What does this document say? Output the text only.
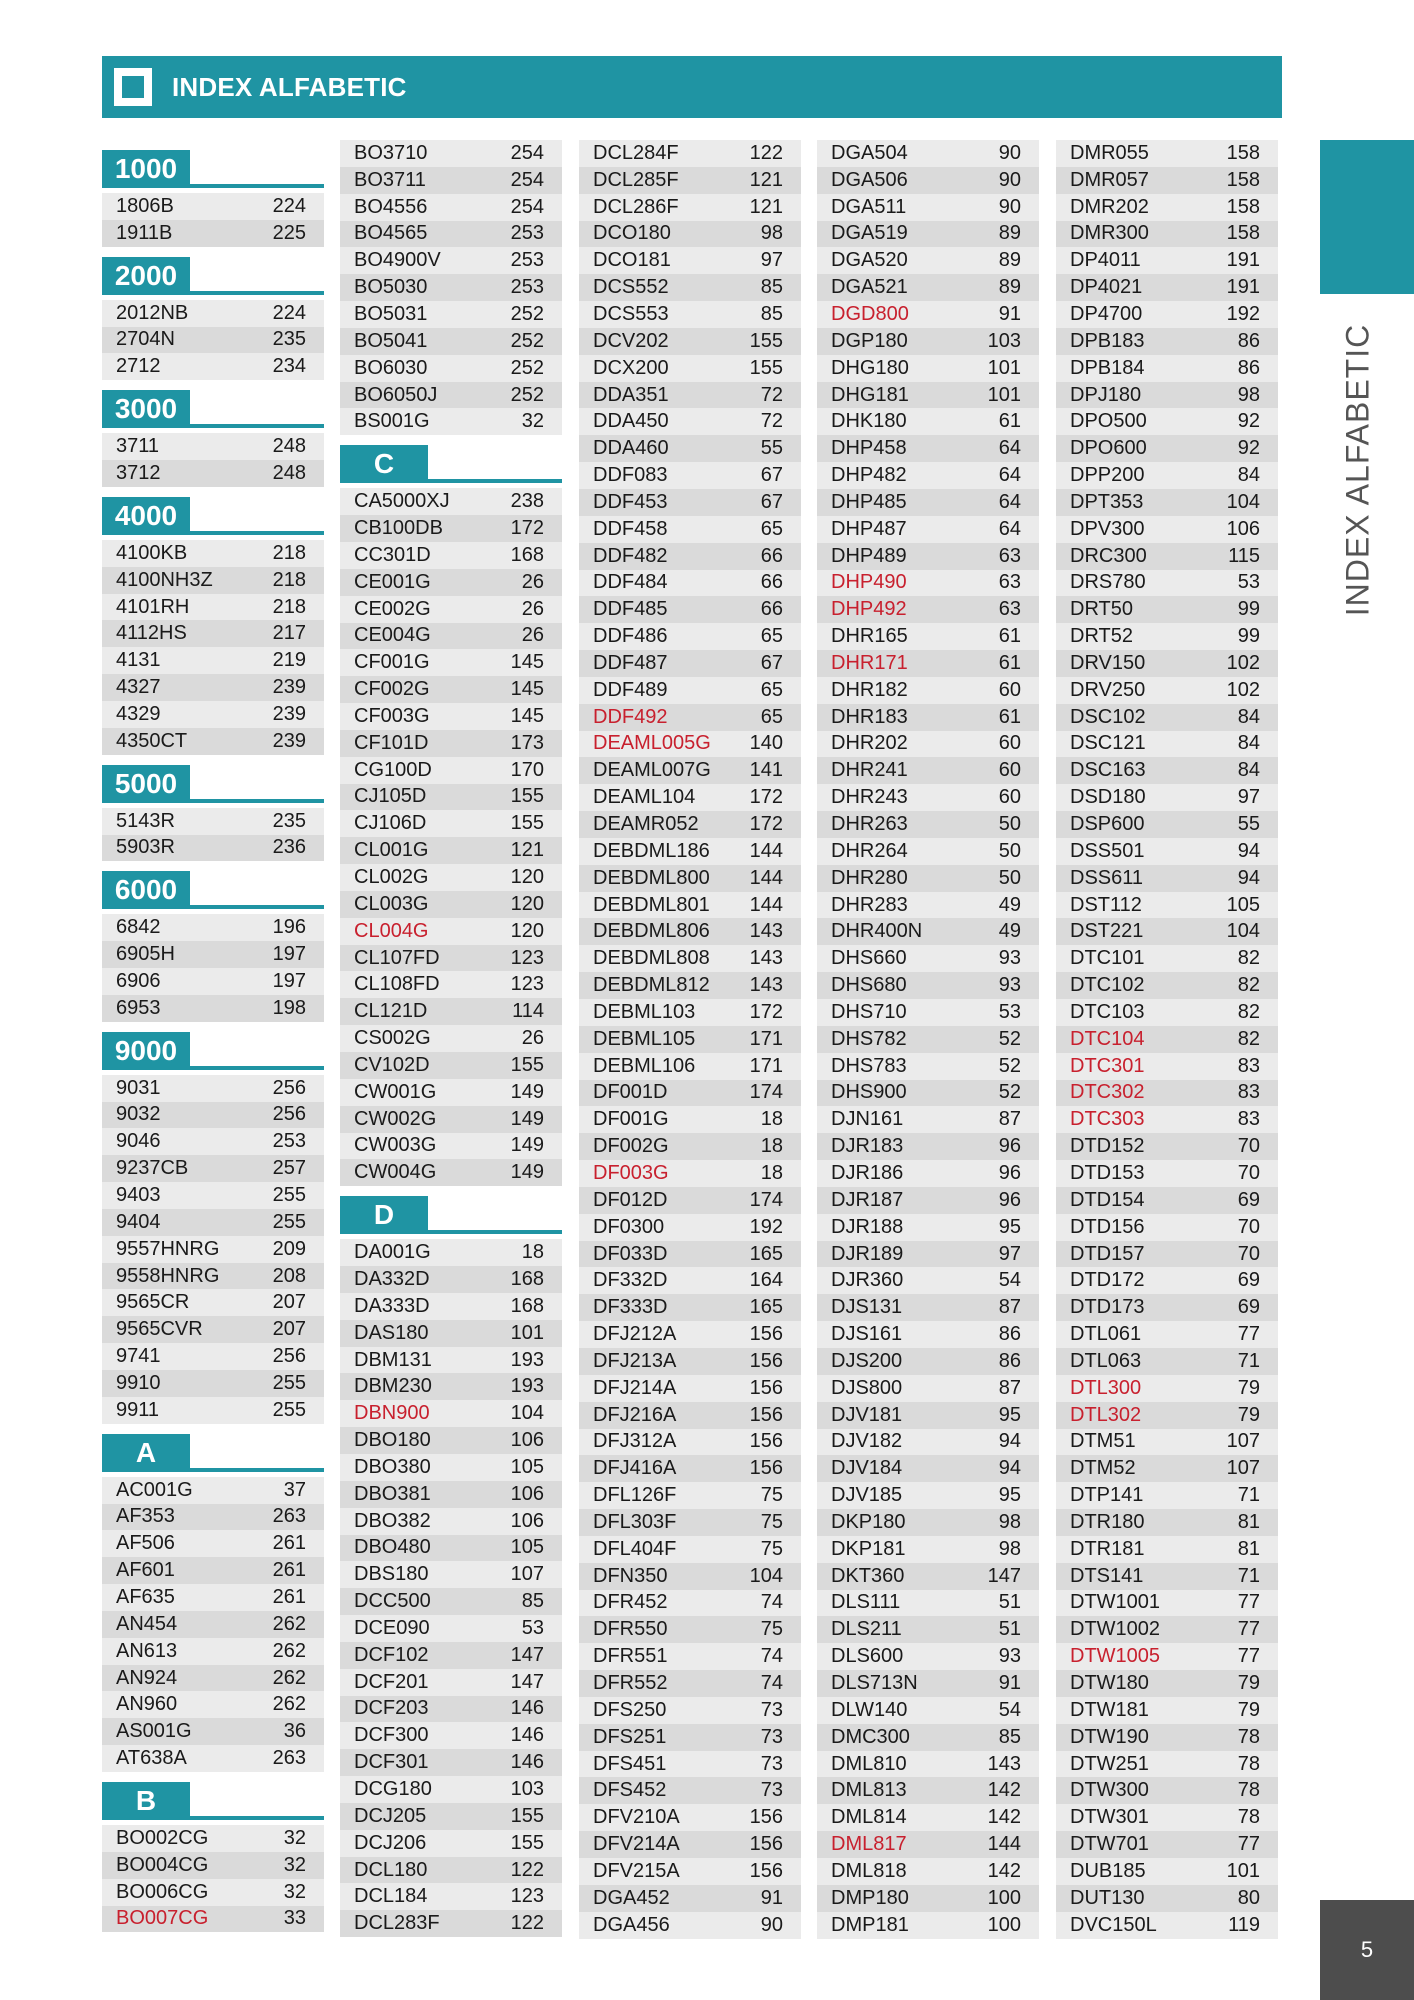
INDEX ALFABETIC
1000
1806B	224
1911B	225
2000
2012NB	224
2704N	235
2712	234
3000
3711	248
3712	248
4000
4100KB	218
4100NH3Z	218
4101RH	218
4112HS	217
4131	219
4327	239
4329	239
4350CT	239
5000
5143R	235
5903R	236
6000
6842	196
6905H	197
6906	197
6953	198
9000
9031	256
9032	256
9046	253
9237CB	257
9403	255
9404	255
9557HNRG	209
9558HNRG	208
9565CR	207
9565CVR	207
9741	256
9910	255
9911	255
A
AC001G	37
AF353	263
AF506	261
AF601	261
AF635	261
AN454	262
AN613	262
AN924	262
AN960	262
AS001G	36
AT638A	263
B
BO002CG	32
BO004CG	32
BO006CG	32
BO007CG	33
BO3710	254
BO3711	254
BO4556	254
BO4565	253
BO4900V	253
BO5030	253
BO5031	252
BO5041	252
BO6030	252
BO6050J	252
BS001G	32
C
CA5000XJ	238
CB100DB	172
CC301D	168
CE001G	26
CE002G	26
CE004G	26
CF001G	145
CF002G	145
CF003G	145
CF101D	173
CG100D	170
CJ105D	155
CJ106D	155
CL001G	121
CL002G	120
CL003G	120
CL004G	120
CL107FD	123
CL108FD	123
CL121D	114
CS002G	26
CV102D	155
CW001G	149
CW002G	149
CW003G	149
CW004G	149
D
DA001G	18
DA332D	168
DA333D	168
DAS180	101
DBM131	193
DBM230	193
DBN900	104
DBO180	106
DBO380	105
DBO381	106
DBO382	106
DBO480	105
DBS180	107
DCC500	85
DCE090	53
DCF102	147
DCF201	147
DCF203	146
DCF300	146
DCF301	146
DCG180	103
DCJ205	155
DCJ206	155
DCL180	122
DCL184	123
DCL283F	122
DCL284F	122
DCL285F	121
DCL286F	121
DCO180	98
DCO181	97
DCS552	85
DCS553	85
DCV202	155
DCX200	155
DDA351	72
DDA450	72
DDA460	55
DDF083	67
DDF453	67
DDF458	65
DDF482	66
DDF484	66
DDF485	66
DDF486	65
DDF487	67
DDF489	65
DDF492	65
DEAML005G 140
DEAML007G 141
DEAML104	172
DEAMR052	172
DEBDML186 144
DEBDML800 144
DEBDML801 144
DEBDML806 143
DEBDML808 143
DEBDML812 143
DEBML103	172
DEBML105	171
DEBML106	171
DF001D	174
DF001G	18
DF002G	18
DF003G	18
DF012D	174
DF0300	192
DF033D	165
DF332D	164
DF333D	165
DFJ212A	156
DFJ213A	156
DFJ214A	156
DFJ216A	156
DFJ312A	156
DFJ416A	156
DFL126F	75
DFL303F	75
DFL404F	75
DFN350	104
DFR452	74
DFR550	75
DFR551	74
DFR552	74
DFS250	73
DFS251	73
DFS451	73
DFS452	73
DFV210A	156
DFV214A	156
DFV215A	156
DGA452	91
DGA456	90
DGA504	90
DGA506	90
DGA511	90
DGA519	89
DGA520	89
DGA521	89
DGD800	91
DGP180	103
DHG180	101
DHG181	101
DHK180	61
DHP458	64
DHP482	64
DHP485	64
DHP487	64
DHP489	63
DHP490	63
DHP492	63
DHR165	61
DHR171	61
DHR182	60
DHR183	61
DHR202	60
DHR241	60
DHR243	60
DHR263	50
DHR264	50
DHR280	50
DHR283	49
DHR400N	49
DHS660	93
DHS680	93
DHS710	53
DHS782	52
DHS783	52
DHS900	52
DJN161	87
DJR183	96
DJR186	96
DJR187	96
DJR188	95
DJR189	97
DJR360	54
DJS131	87
DJS161	86
DJS200	86
DJS800	87
DJV181	95
DJV182	94
DJV184	94
DJV185	95
DKP180	98
DKP181	98
DKT360	147
DLS111	51
DLS211	51
DLS600	93
DLS713N	91
DLW140	54
DMC300	85
DML810	143
DML813	142
DML814	142
DML817	144
DML818	142
DMP180	100
DMP181	100
DMR055	158
DMR057	158
DMR202	158
DMR300	158
DP4011	191
DP4021	191
DP4700	192
DPB183	86
DPB184	86
DPJ180	98
DPO500	92
DPO600	92
DPP200	84
DPT353	104
DPV300	106
DRC300	115
DRS780	53
DRT50	99
DRT52	99
DRV150	102
DRV250	102
DSC102	84
DSC121	84
DSC163	84
DSD180	97
DSP600	55
DSS501	94
DSS611	94
DST112	105
DST221	104
DTC101	82
DTC102	82
DTC103	82
DTC104	82
DTC301	83
DTC302	83
DTC303	83
DTD152	70
DTD153	70
DTD154	69
DTD156	70
DTD157	70
DTD172	69
DTD173	69
DTL061	77
DTL063	71
DTL300	79
DTL302	79
DTM51	107
DTM52	107
DTP141	71
DTR180	81
DTR181	81
DTS141	71
DTW1001	77
DTW1002	77
DTW1005	77
DTW180	79
DTW181	79
DTW190	78
DTW251	78
DTW300	78
DTW301	78
DTW701	77
DUB185	101
DUT130	80
DVC150L	119
INDEX ALFABETIC
5
